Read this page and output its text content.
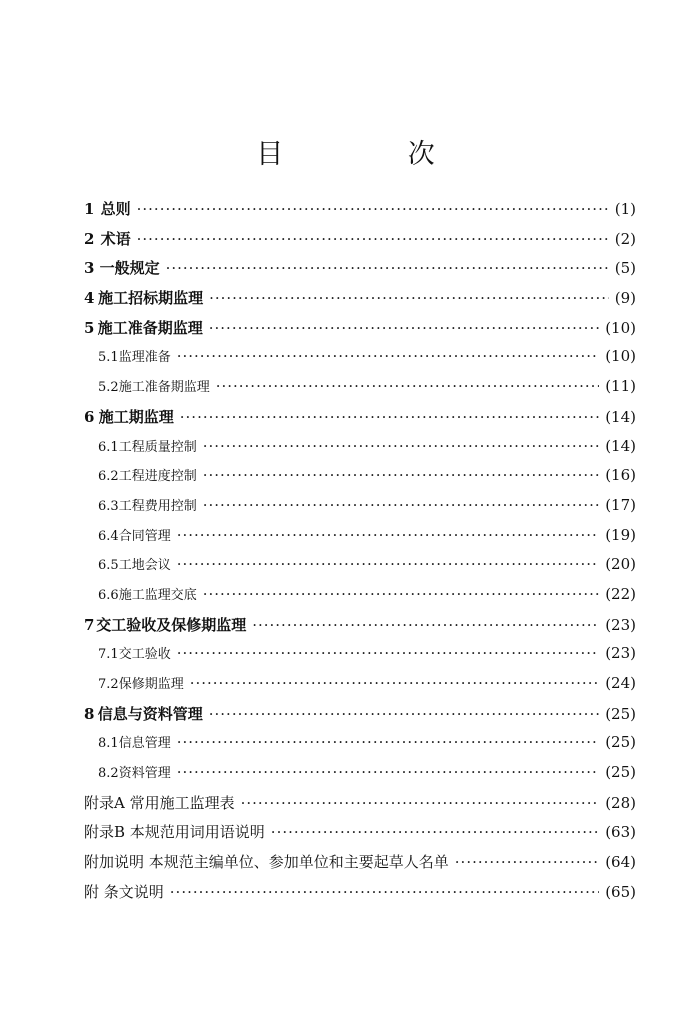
目 次
1 总则 ·····	(1)
2 术语 ·····	(2)
3 一般规定 ·····	(5)
4 施工招标期监理 ·····	(9)
5 施工准备期监理 ·····	(10)
5.1 监理准备 ·····	(10)
5.2 施工准备期监理 ·····	(11)
6 施工期监理 ·····	(14)
6.1 工程质量控制 ·····	(14)
6.2 工程进度控制 ·····	(16)
6.3 工程费用控制 ·····	(17)
6.4 合同管理 ·····	(19)
6.5 工地会议 ·····	(20)
6.6 施工监理交底 ·····	(22)
7 交工验收及保修期监理 ·····	(23)
7.1 交工验收 ·····	(23)
7.2 保修期监理 ·····	(24)
8 信息与资料管理 ·····	(25)
8.1 信息管理 ·····	(25)
8.2 资料管理 ·····	(25)
附录A 常用施工监理表 ·····	(28)
附录B 本规范用词用语说明 ·····	(63)
附加说明 本规范主编单位、参加单位和主要起草人名单 ·····	(64)
附 条文说明 ·····	(65)
